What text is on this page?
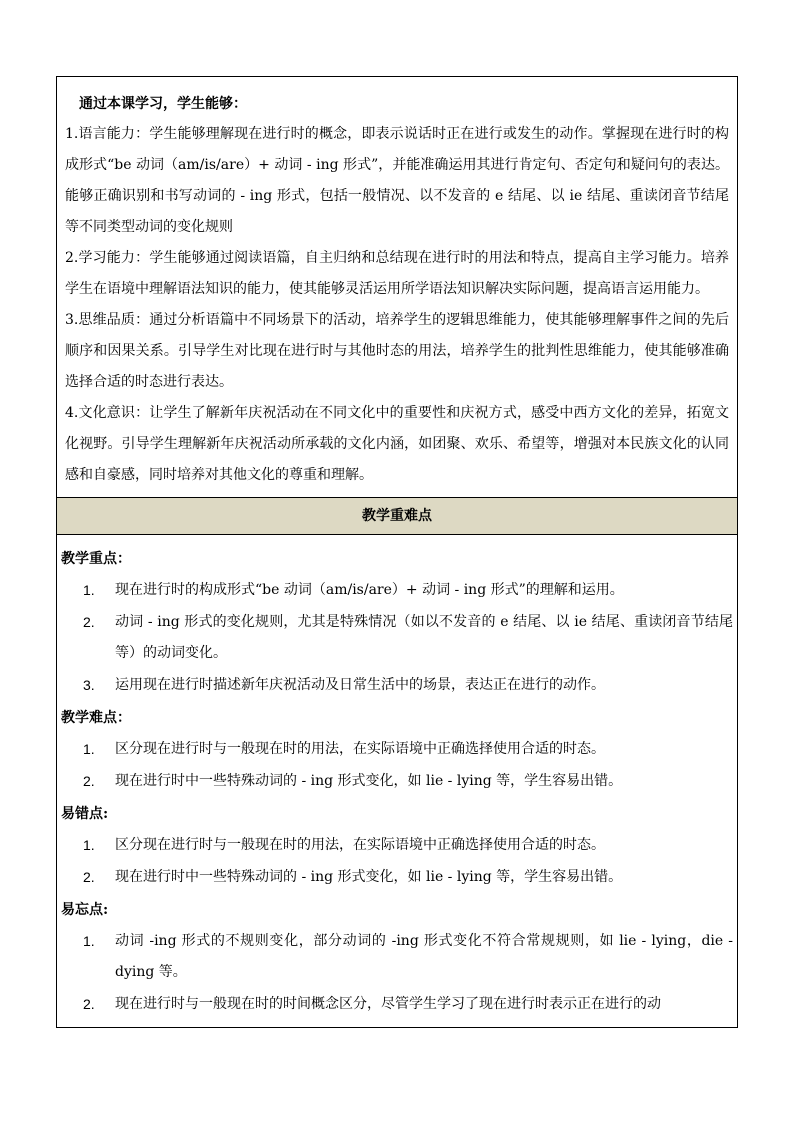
通过本课学习，学生能够：

1.语言能力：学生能够理解现在进行时的概念，即表示说话时正在进行或发生的动作。掌握现在进行时的构成形式“be 动词（am/is/are）+ 动词 - ing 形式”，并能准确运用其进行肯定句、否定句和疑问句的表达。能够正确识别和书写动词的 - ing 形式，包括一般情况、以不发音的 e 结尾、以 ie 结尾、重读闭音节结尾等不同类型动词的变化规则

2.学习能力：学生能够通过阅读语篇，自主归纳和总结现在进行时的用法和特点，提高自主学习能力。培养学生在语境中理解语法知识的能力，使其能够灵活运用所学语法知识解决实际问题，提高语言运用能力。

3.思维品质：通过分析语篇中不同场景下的活动，培养学生的逻辑思维能力，使其能够理解事件之间的先后顺序和因果关系。引导学生对比现在进行时与其他时态的用法，培养学生的批判性思维能力，使其能够准确选择合适的时态进行表达。

4.文化意识：让学生了解新年庆祝活动在不同文化中的重要性和庆祝方式，感受中西方文化的差异，拓宽文化视野。引导学生理解新年庆祝活动所承载的文化内涵，如团聚、欢乐、希望等，增强对本民族文化的认同感和自豪感，同时培养对其他文化的尊重和理解。

教学重难点

教学重点：

1. 现在进行时的构成形式“be 动词（am/is/are）+ 动词 - ing 形式”的理解和运用。
2. 动词 - ing 形式的变化规则，尤其是特殊情况（如以不发音的 e 结尾、以 ie 结尾、重读闭音节结尾等）的动词变化。
3. 运用现在进行时描述新年庆祝活动及日常生活中的场景，表达正在进行的动作。

教学难点：

1. 区分现在进行时与一般现在时的用法，在实际语境中正确选择使用合适的时态。
2. 现在进行时中一些特殊动词的 - ing 形式变化，如 lie - lying 等，学生容易出错。

易错点:

1. 区分现在进行时与一般现在时的用法，在实际语境中正确选择使用合适的时态。
2. 现在进行时中一些特殊动词的 - ing 形式变化，如 lie - lying 等，学生容易出错。

易忘点:

1. 动词 -ing 形式的不规则变化，部分动词的 -ing 形式变化不符合常规规则，如 lie - lying，die - dying 等。
2. 现在进行时与一般现在时的时间概念区分，尽管学生学习了现在进行时表示正在进行的动
